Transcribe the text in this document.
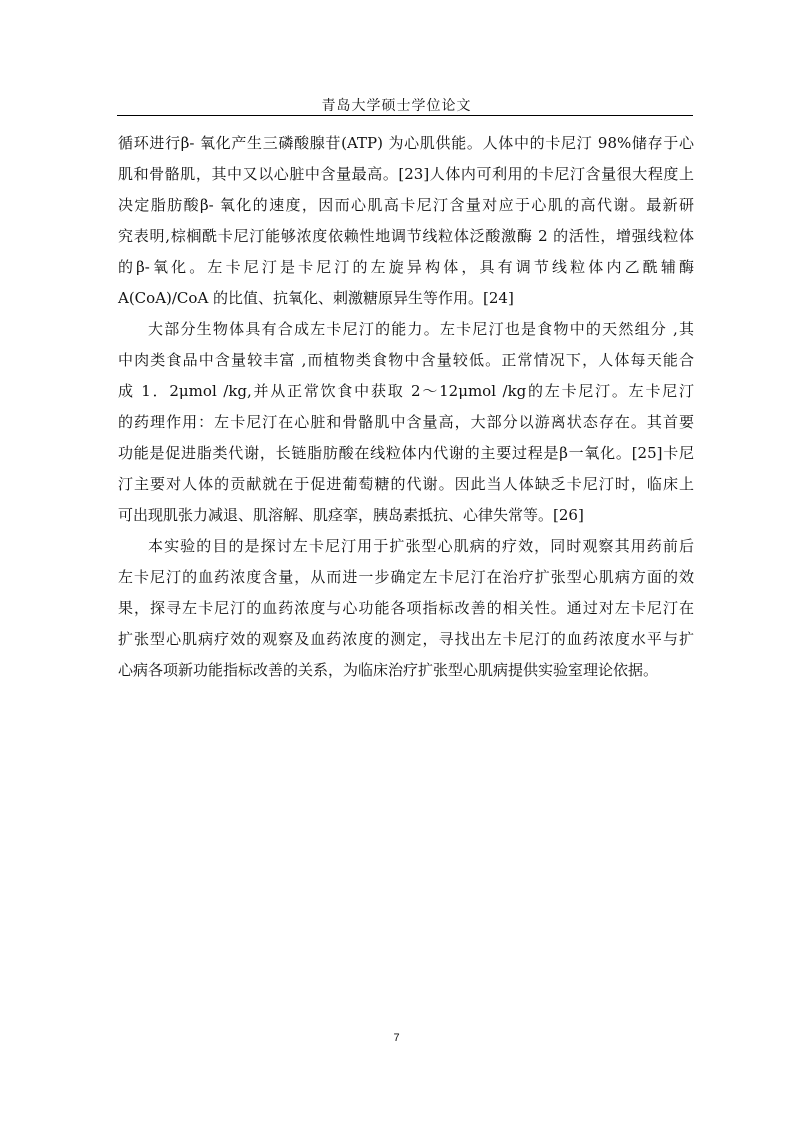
青岛大学硕士学位论文
循环进行β- 氧化产生三磷酸腺苷(ATP) 为心肌供能。人体中的卡尼汀 98%储存于心
肌和骨骼肌，其中又以心脏中含量最高。[23]人体内可利用的卡尼汀含量很大程度上
决定脂肪酸β- 氧化的速度，因而心肌高卡尼汀含量对应于心肌的高代谢。最新研
究表明,棕榈酰卡尼汀能够浓度依赖性地调节线粒体泛酸激酶 2 的活性，增强线粒体
的β-氧化。左卡尼汀是卡尼汀的左旋异构体，具有调节线粒体内乙酰辅酶
A(CoA)/CoA 的比值、抗氧化、刺激糖原异生等作用。[24]
大部分生物体具有合成左卡尼汀的能力。左卡尼汀也是食物中的天然组分 ,其
中肉类食品中含量较丰富 ,而植物类食物中含量较低。正常情况下，人体每天能合
成 1．2μmol /kg,并从正常饮食中获取 2～12μmol /kg的左卡尼汀。左卡尼汀
的药理作用：左卡尼汀在心脏和骨骼肌中含量高，大部分以游离状态存在。其首要
功能是促进脂类代谢，长链脂肪酸在线粒体内代谢的主要过程是β一氧化。[25]卡尼
汀主要对人体的贡献就在于促进葡萄糖的代谢。因此当人体缺乏卡尼汀时，临床上
可出现肌张力减退、肌溶解、肌痉挛，胰岛素抵抗、心律失常等。[26]
本实验的目的是探讨左卡尼汀用于扩张型心肌病的疗效，同时观察其用药前后
左卡尼汀的血药浓度含量，从而进一步确定左卡尼汀在治疗扩张型心肌病方面的效
果，探寻左卡尼汀的血药浓度与心功能各项指标改善的相关性。通过对左卡尼汀在
扩张型心肌病疗效的观察及血药浓度的测定，寻找出左卡尼汀的血药浓度水平与扩
心病各项新功能指标改善的关系，为临床治疗扩张型心肌病提供实验室理论依据。
7
